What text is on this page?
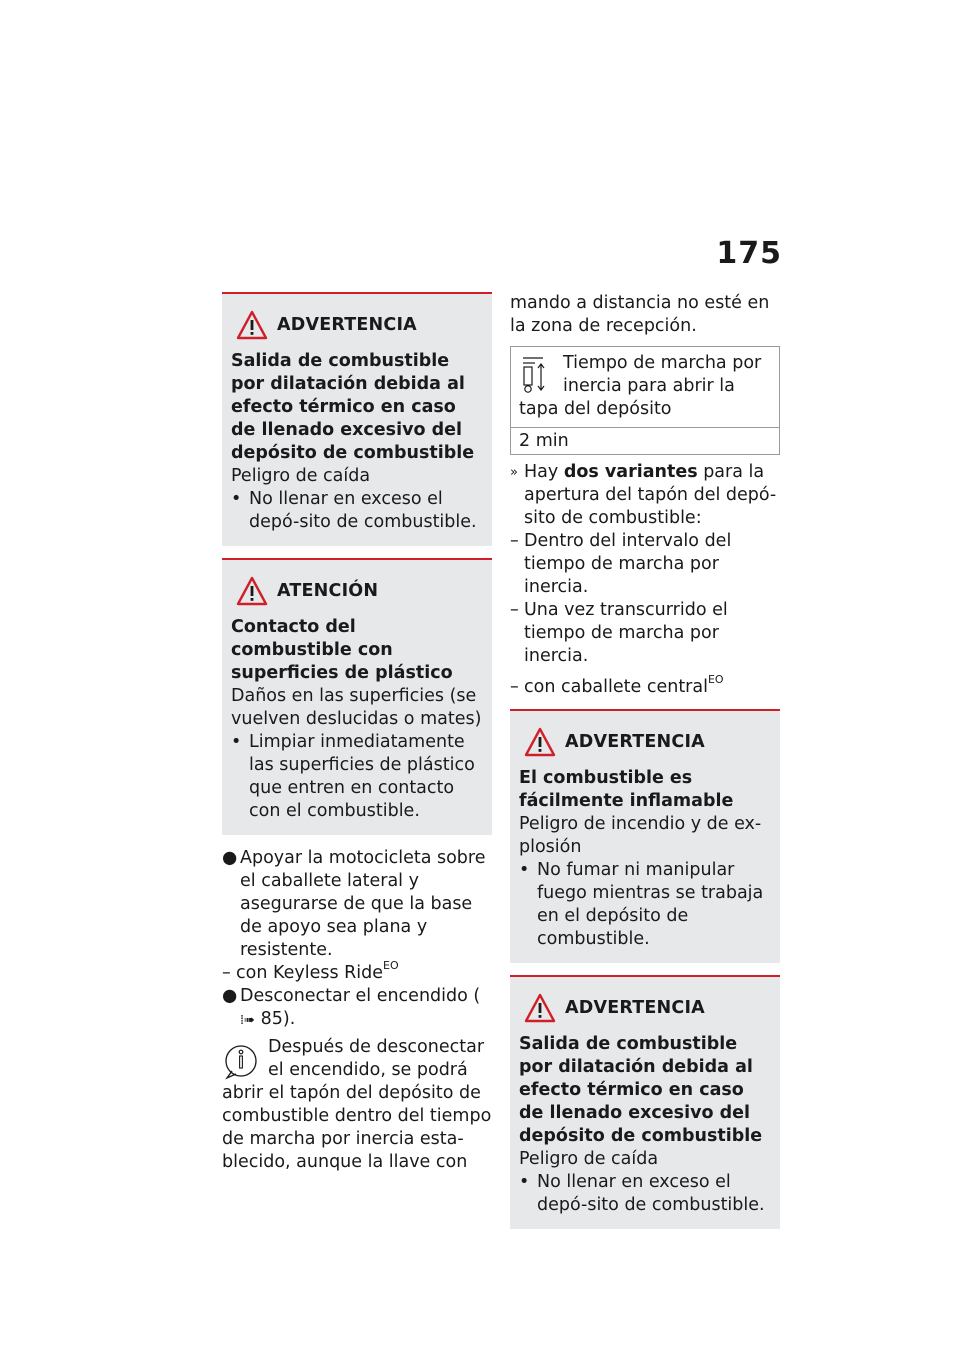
175
ADVERTENCIA
Salida de combustible por dilatación debida al efecto térmico en caso de llenado excesivo del depósito de combustible
Peligro de caída
• No llenar en exceso el depó-sito de combustible.
ATENCIÓN
Contacto del combustible con superficies de plástico
Daños en las superficies (se vuelven deslucidas o mates)
• Limpiar inmediatamente las superficies de plástico que entren en contacto con el combustible.
● Apoyar la motocicleta sobre el caballete lateral y asegurarse de que la base de apoyo sea plana y resistente.
– con Keyless Ride$^{EO}$
● Desconectar el encendido (⁞➠ 85).
Después de desconectar el encendido, se podrá abrir el tapón del depósito de combustible dentro del tiempo de marcha por inercia esta-blecido, aunque la llave con
mando a distancia no esté en la zona de recepción.
Tiempo de marcha por inercia para abrir la tapa del depósito
2 min
» Hay dos variantes para la apertura del tapón del depó-sito de combustible:
– Dentro del intervalo del tiempo de marcha por inercia.
– Una vez transcurrido el tiempo de marcha por inercia.
– con caballete central$^{EO}$
ADVERTENCIA
El combustible es fácilmente inflamable
Peligro de incendio y de ex-plosión
• No fumar ni manipular fuego mientras se trabaja en el depósito de combustible.
ADVERTENCIA
Salida de combustible por dilatación debida al efecto térmico en caso de llenado excesivo del depósito de combustible
Peligro de caída
• No llenar en exceso el depó-sito de combustible.
